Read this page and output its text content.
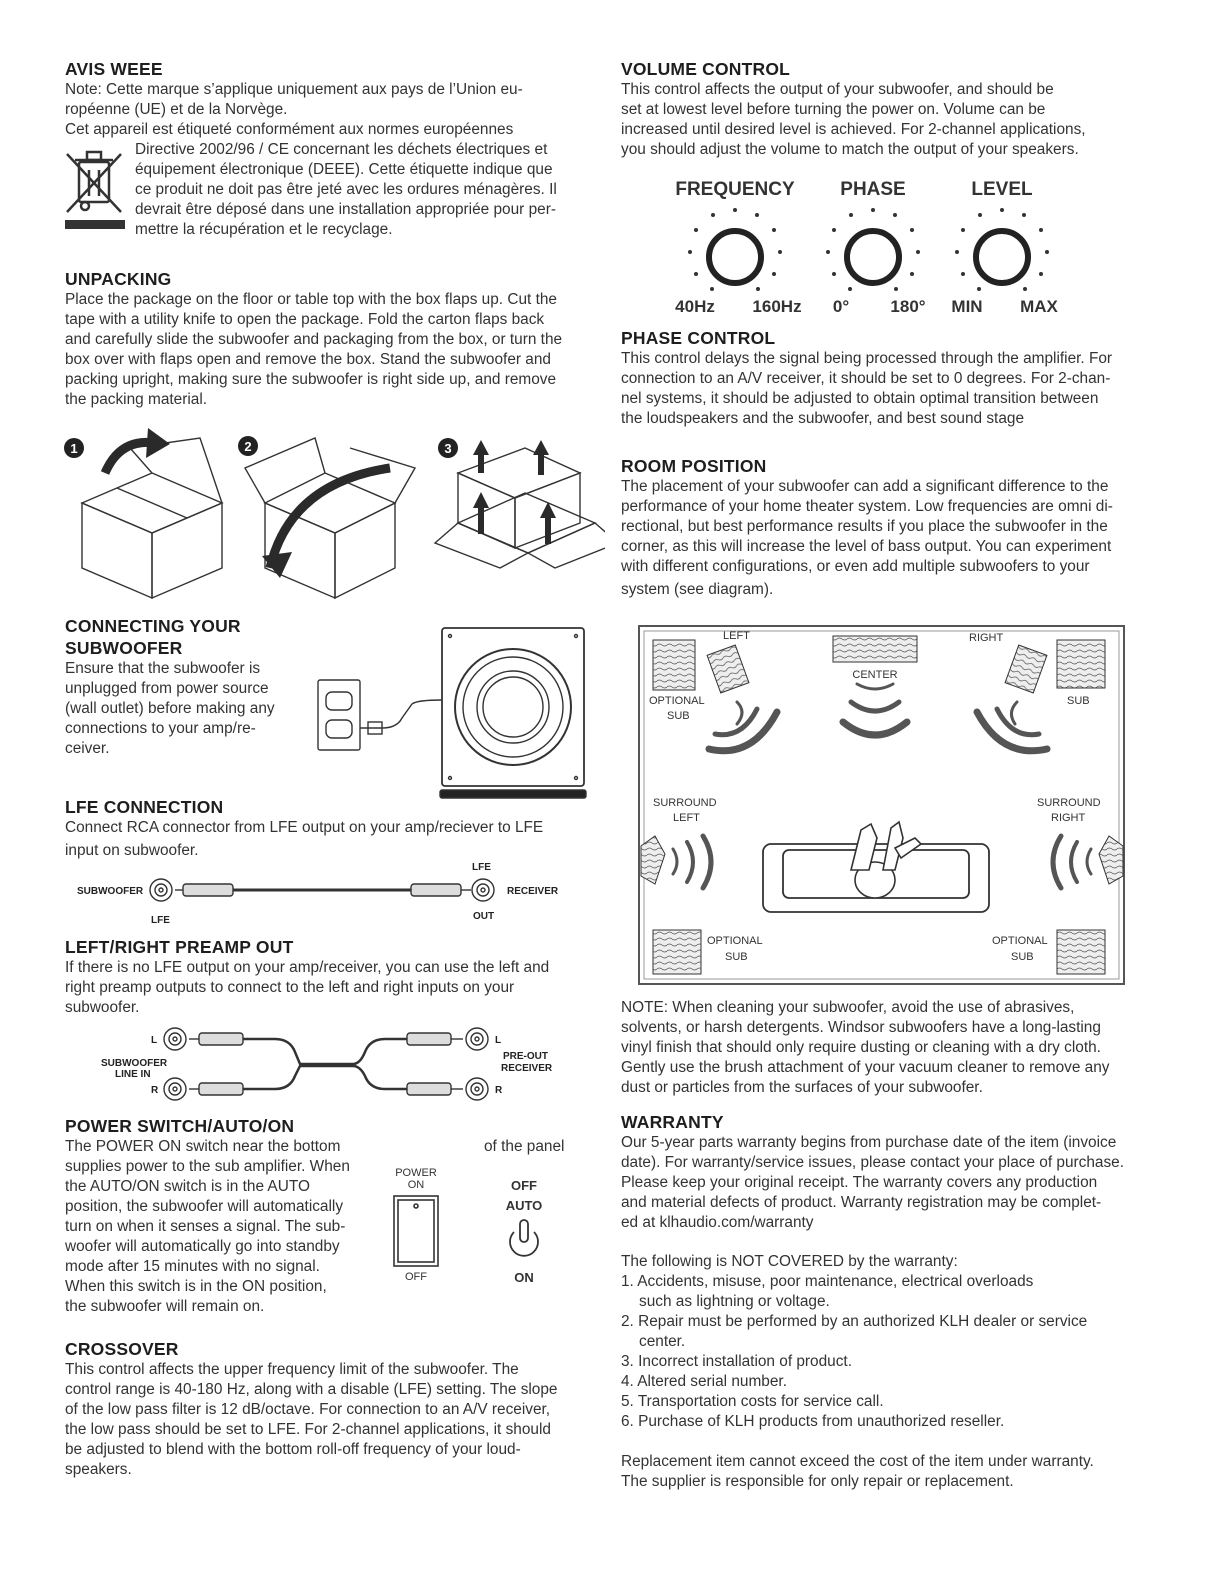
AVIS WEEE

Note: Cette marque s’applique uniquement aux pays de l’Union eu-

ropéenne (UE) et de la Norvège.

Cet appareil est étiqueté conformément aux normes européennes

Directive 2002/96 / CE concernant les déchets électriques et

équipement électronique (DEEE). Cette étiquette indique que

ce produit ne doit pas être jeté avec les ordures ménagères. Il

devrait être déposé dans une installation appropriée pour per-

mettre la récupération et le recyclage.

UNPACKING

Place the package on the floor or table top with the box flaps up. Cut the

tape with a utility knife to open the package. Fold the carton flaps back

and carefully slide the subwoofer and packaging from the box, or turn the

box over with flaps open and remove the box. Stand the subwoofer and

packing upright, making sure the subwoofer is right side up, and remove

the packing material.

1	2	3
CONNECTING YOUR
SUBWOOFER

Ensure that the subwoofer is

unplugged from power source

(wall outlet) before making any

connections to your amp/re-

ceiver.

LFE CONNECTION

Connect RCA connector from LFE output on your amp/reciever to LFE

input on subwoofer.

SUBWOOFER
LFE
LFE
RECEIVER
OUT
LEFT/RIGHT PREAMP OUT

If there is no LFE output on your amp/receiver, you can use the left and

right preamp outputs to connect to the left and right inputs on your

subwoofer.

L
R
SUBWOOFER
LINE IN
L
R
PRE-OUT
RECEIVER
POWER SWITCH/AUTO/ON

The POWER ON switch near the bottom	of the panel

supplies power to the sub amplifier. When

the AUTO/ON switch is in the AUTO

position, the subwoofer will automatically

turn on when it senses a signal. The sub-

woofer will automatically go into standby

mode after 15 minutes with no signal.

When this switch is in the ON position,

the subwoofer will remain on.

POWER
ON
OFF
OFF
AUTO
ON
CROSSOVER

This control affects the upper frequency limit of the subwoofer. The

control range is 40-180 Hz, along with a disable (LFE) setting. The slope

of the low pass filter is 12 dB/octave. For connection to an A/V receiver,

the low pass should be set to LFE. For 2-channel applications, it should

be adjusted to blend with the bottom roll-off frequency of your loud-

speakers.

VOLUME CONTROL

This control affects the output of your subwoofer, and should be

set at lowest level before turning the power on. Volume can be

increased until desired level is achieved. For 2-channel applications,

you should adjust the volume to match the output of your speakers.

FREQUENCY
40Hz 160Hz
PHASE
0° 180°
LEVEL
MIN MAX
PHASE CONTROL

This control delays the signal being processed through the amplifier. For

connection to an A/V receiver, it should be set to 0 degrees. For 2-chan-

nel systems, it should be adjusted to obtain optimal transition between

the loudspeakers and the subwoofer, and best sound stage

ROOM POSITION

The placement of your subwoofer can add a significant difference to the

performance of your home theater system. Low frequencies are omni di-

rectional, but best performance results if you place the subwoofer in the

corner, as this will increase the level of bass output. You can experiment

with different configurations, or even add multiple subwoofers to your

system (see diagram).

LEFT
CENTER
RIGHT
OPTIONAL
SUB
SUB
SURROUND
LEFT
SURROUND
RIGHT
OPTIONAL
SUB
OPTIONAL
SUB

NOTE: When cleaning your subwoofer, avoid the use of abrasives,

solvents, or harsh detergents. Windsor subwoofers have a long-lasting

vinyl finish that should only require dusting or cleaning with a dry cloth.

Gently use the brush attachment of your vacuum cleaner to remove any

dust or particles from the surfaces of your subwoofer.

WARRANTY

Our 5-year parts warranty begins from purchase date of the item (invoice

date). For warranty/service issues, please contact your place of purchase.

Please keep your original receipt. The warranty covers any production

and material defects of product. Warranty registration may be complet-

ed at klhaudio.com/warranty

The following is NOT COVERED by the warranty:

1. Accidents, misuse, poor maintenance, electrical overloads
such as lightning or voltage.
2. Repair must be performed by an authorized KLH dealer or service
center.
3. Incorrect installation of product.
4. Altered serial number.
5. Transportation costs for service call.
6. Purchase of KLH products from unauthorized reseller.

Replacement item cannot exceed the cost of the item under warranty.

The supplier is responsible for only repair or replacement.
